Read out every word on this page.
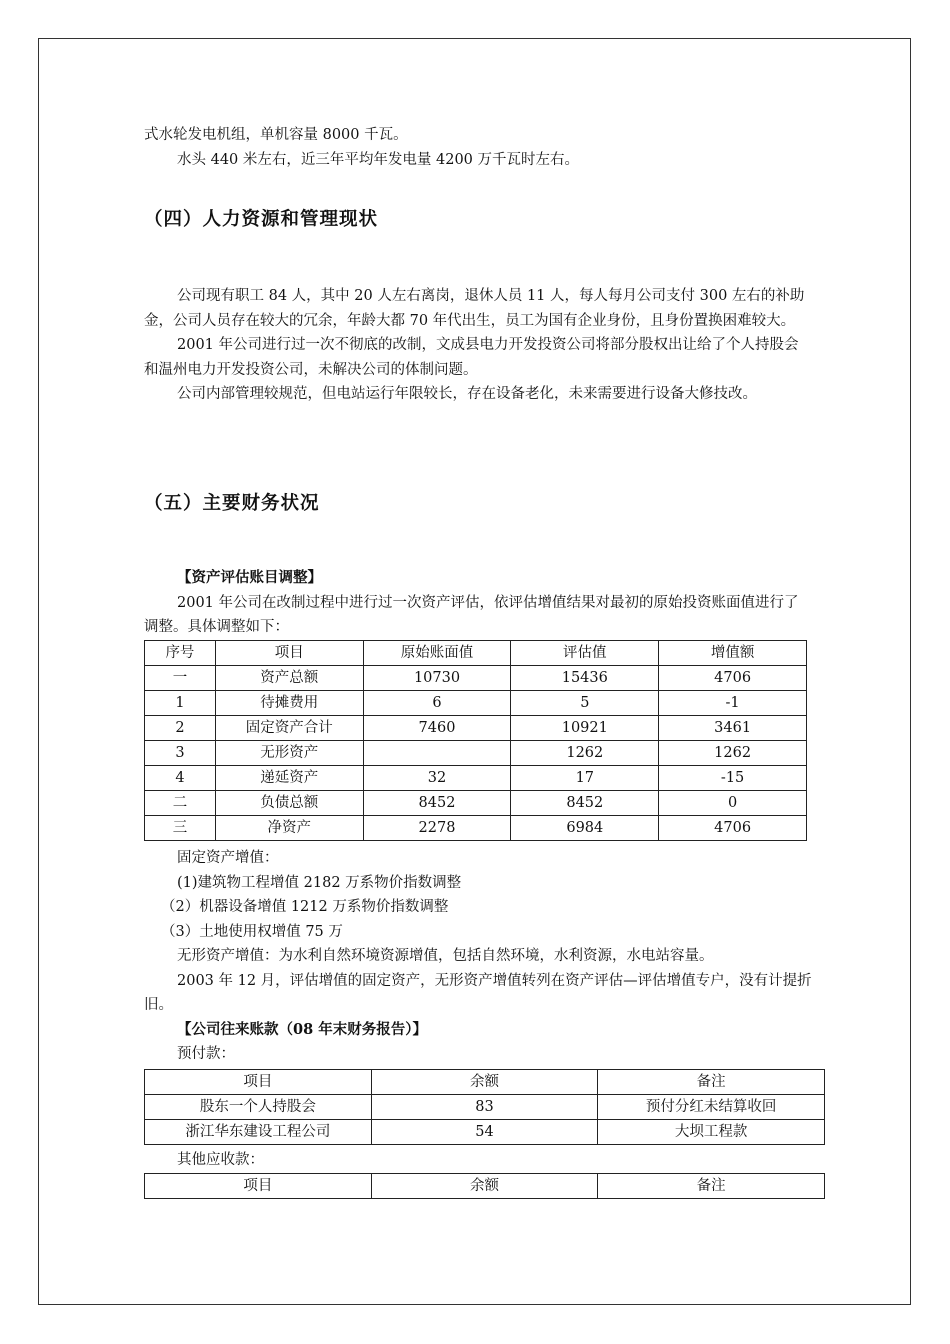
式水轮发电机组，单机容量 8000 千瓦。

水头 440 米左右，近三年平均年发电量 4200 万千瓦时左右。

（四）人力资源和管理现状

公司现有职工 84 人，其中 20 人左右离岗，退休人员 11 人，每人每月公司支付 300 左右的补助金，公司人员存在较大的冗余，年龄大都 70 年代出生，员工为国有企业身份，且身份置换困难较大。

2001 年公司进行过一次不彻底的改制，文成县电力开发投资公司将部分股权出让给了个人持股会和温州电力开发投资公司，未解决公司的体制问题。

公司内部管理较规范，但电站运行年限较长，存在设备老化，未来需要进行设备大修技改。

（五）主要财务状况

【资产评估账目调整】

2001 年公司在改制过程中进行过一次资产评估，依评估增值结果对最初的原始投资账面值进行了调整。具体调整如下：

序号	项目	原始账面值	评估值	增值额
一	资产总额	10730	15436	4706
1	待摊费用	6	5	-1
2	固定资产合计	7460	10921	3461
3	无形资产		1262	1262
4	递延资产	32	17	-15
二	负债总额	8452	8452	0
三	净资产	2278	6984	4706

固定资产增值：

(1)建筑物工程增值 2182 万系物价指数调整

（2）机器设备增值 1212 万系物价指数调整

（3）土地使用权增值 75 万

无形资产增值：为水利自然环境资源增值，包括自然环境，水利资源，水电站容量。

2003 年 12 月，评估增值的固定资产，无形资产增值转列在资产评估—评估增值专户，没有计提折旧。

【公司往来账款（08 年末财务报告）】

预付款：

项目	余额	备注
股东一个人持股会	83	预付分红未结算收回
浙江华东建设工程公司	54	大坝工程款

其他应收款：

项目	余额	备注
